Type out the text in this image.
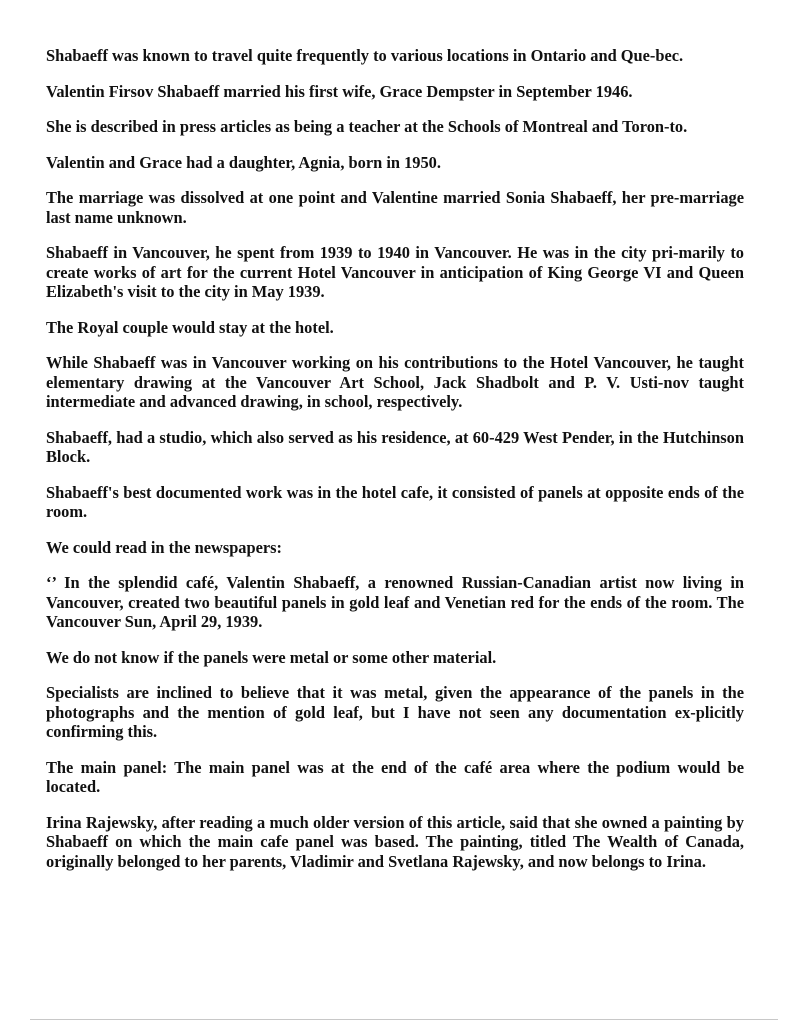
Shabaeff was known to travel quite frequently to various locations in Ontario and Que-bec.

Valentin Firsov Shabaeff married his first wife, Grace Dempster in September 1946.

She is described in press articles as being a teacher at the Schools of Montreal and Toron-to.

Valentin and Grace had a daughter, Agnia, born in 1950.

The marriage was dissolved at one point and Valentine married Sonia Shabaeff, her pre-marriage last name unknown.

Shabaeff in Vancouver, he spent from 1939 to 1940 in Vancouver. He was in the city pri-marily to create works of art for the current Hotel Vancouver in anticipation of King George VI and Queen Elizabeth's visit to the city in May 1939.

The Royal couple would stay at the hotel.

While Shabaeff was in Vancouver working on his contributions to the Hotel Vancouver, he taught elementary drawing at the Vancouver Art School, Jack Shadbolt and P. V. Usti-nov taught intermediate and advanced drawing, in school, respectively.

Shabaeff, had a studio, which also served as his residence, at 60-429 West Pender, in the Hutchinson Block.

Shabaeff's best documented work was in the hotel cafe, it consisted of panels at opposite ends of the room.

We could read in the newspapers:

‘’ In the splendid café, Valentin Shabaeff, a renowned Russian-Canadian artist now living in Vancouver, created two beautiful panels in gold leaf and Venetian red for the ends of the room. The Vancouver Sun, April 29, 1939.

We do not know if the panels were metal or some other material.

Specialists are inclined to believe that it was metal, given the appearance of the panels in the photographs and the mention of gold leaf, but I have not seen any documentation ex-plicitly confirming this.

The main panel: The main panel was at the end of the café area where the podium would be located.

Irina Rajewsky, after reading a much older version of this article, said that she owned a painting by Shabaeff on which the main cafe panel was based. The painting, titled The Wealth of Canada, originally belonged to her parents, Vladimir and Svetlana Rajewsky, and now belongs to Irina.
